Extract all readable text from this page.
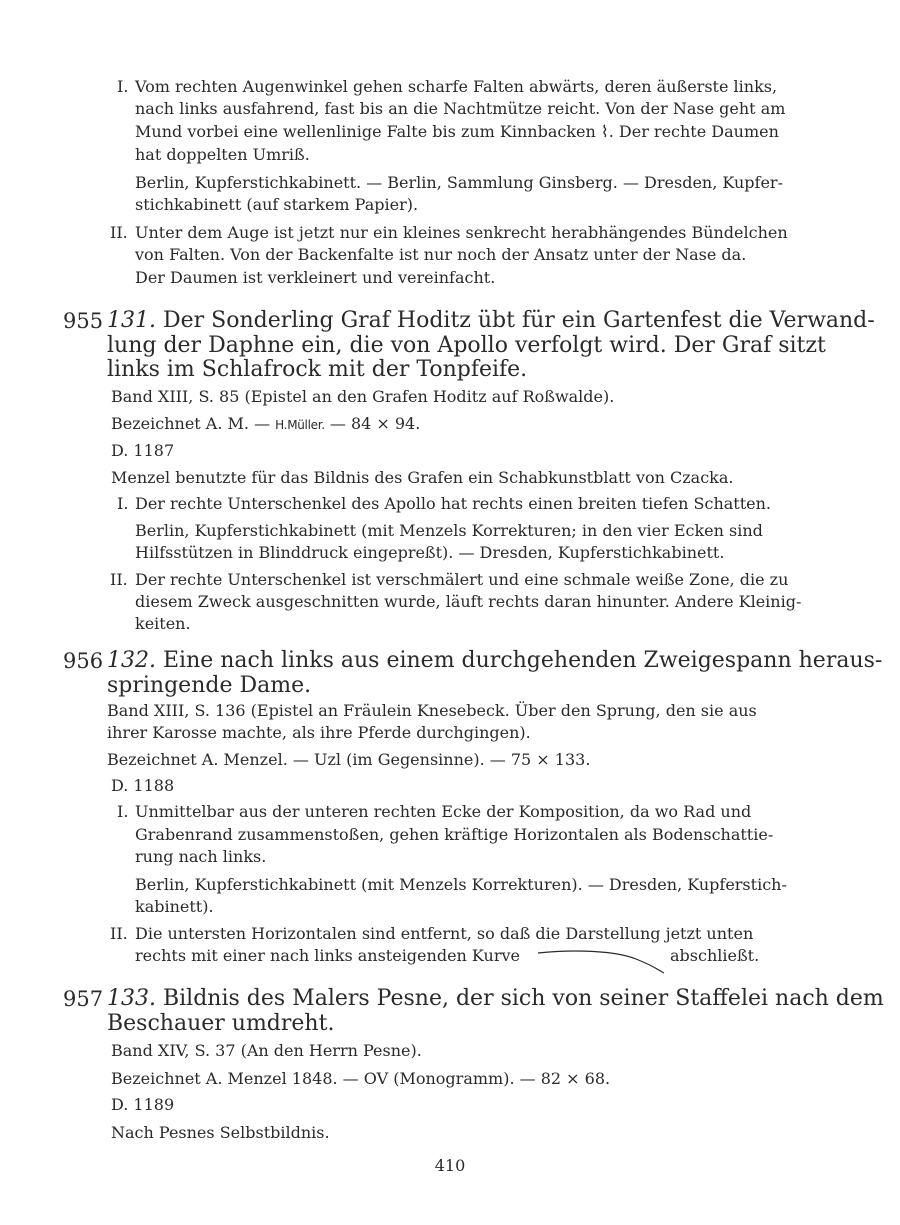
I. Vom rechten Augenwinkel gehen scharfe Falten abwärts, deren äußerste links,
nach links ausfahrend, fast bis an die Nachtmütze reicht. Von der Nase geht am
Mund vorbei eine wellenlinige Falte bis zum Kinnbacken ⌇. Der rechte Daumen
hat doppelten Umriß.
Berlin, Kupferstichkabinett. — Berlin, Sammlung Ginsberg. — Dresden, Kupfer-
stichkabinett (auf starkem Papier).
II. Unter dem Auge ist jetzt nur ein kleines senkrecht herabhängendes Bündelchen
von Falten. Von der Backenfalte ist nur noch der Ansatz unter der Nase da.
Der Daumen ist verkleinert und vereinfacht.
955 131. Der Sonderling Graf Hoditz übt für ein Gartenfest die Verwand-
lung der Daphne ein, die von Apollo verfolgt wird. Der Graf sitzt
links im Schlafrock mit der Tonpfeife.
Band XIII, S. 85 (Epistel an den Grafen Hoditz auf Roßwalde).
Bezeichnet A. M. — H.Müller. — 84 × 94.
D. 1187
Menzel benutzte für das Bildnis des Grafen ein Schabkunstblatt von Czacka.
I. Der rechte Unterschenkel des Apollo hat rechts einen breiten tiefen Schatten.
Berlin, Kupferstichkabinett (mit Menzels Korrekturen; in den vier Ecken sind
Hilfsstützen in Blinddruck eingepreßt). — Dresden, Kupferstichkabinett.
II. Der rechte Unterschenkel ist verschmälert und eine schmale weiße Zone, die zu
diesem Zweck ausgeschnitten wurde, läuft rechts daran hinunter. Andere Kleinig-
keiten.
956 132. Eine nach links aus einem durchgehenden Zweigespann heraus-
springende Dame.
Band XIII, S. 136 (Epistel an Fräulein Knesebeck. Über den Sprung, den sie aus
ihrer Karosse machte, als ihre Pferde durchgingen).
Bezeichnet A. Menzel. — Uzl (im Gegensinne). — 75 × 133.
D. 1188
I. Unmittelbar aus der unteren rechten Ecke der Komposition, da wo Rad und
Grabenrand zusammenstoßen, gehen kräftige Horizontalen als Bodenschattie-
rung nach links.
Berlin, Kupferstichkabinett (mit Menzels Korrekturen). — Dresden, Kupferstich-
kabinett).
II. Die untersten Horizontalen sind entfernt, so daß die Darstellung jetzt unten
rechts mit einer nach links ansteigenden Kurve	abschließt.
957 133. Bildnis des Malers Pesne, der sich von seiner Staffelei nach dem
Beschauer umdreht.
Band XIV, S. 37 (An den Herrn Pesne).
Bezeichnet A. Menzel 1848. — OV (Monogramm). — 82 × 68.
D. 1189
Nach Pesnes Selbstbildnis.
410
